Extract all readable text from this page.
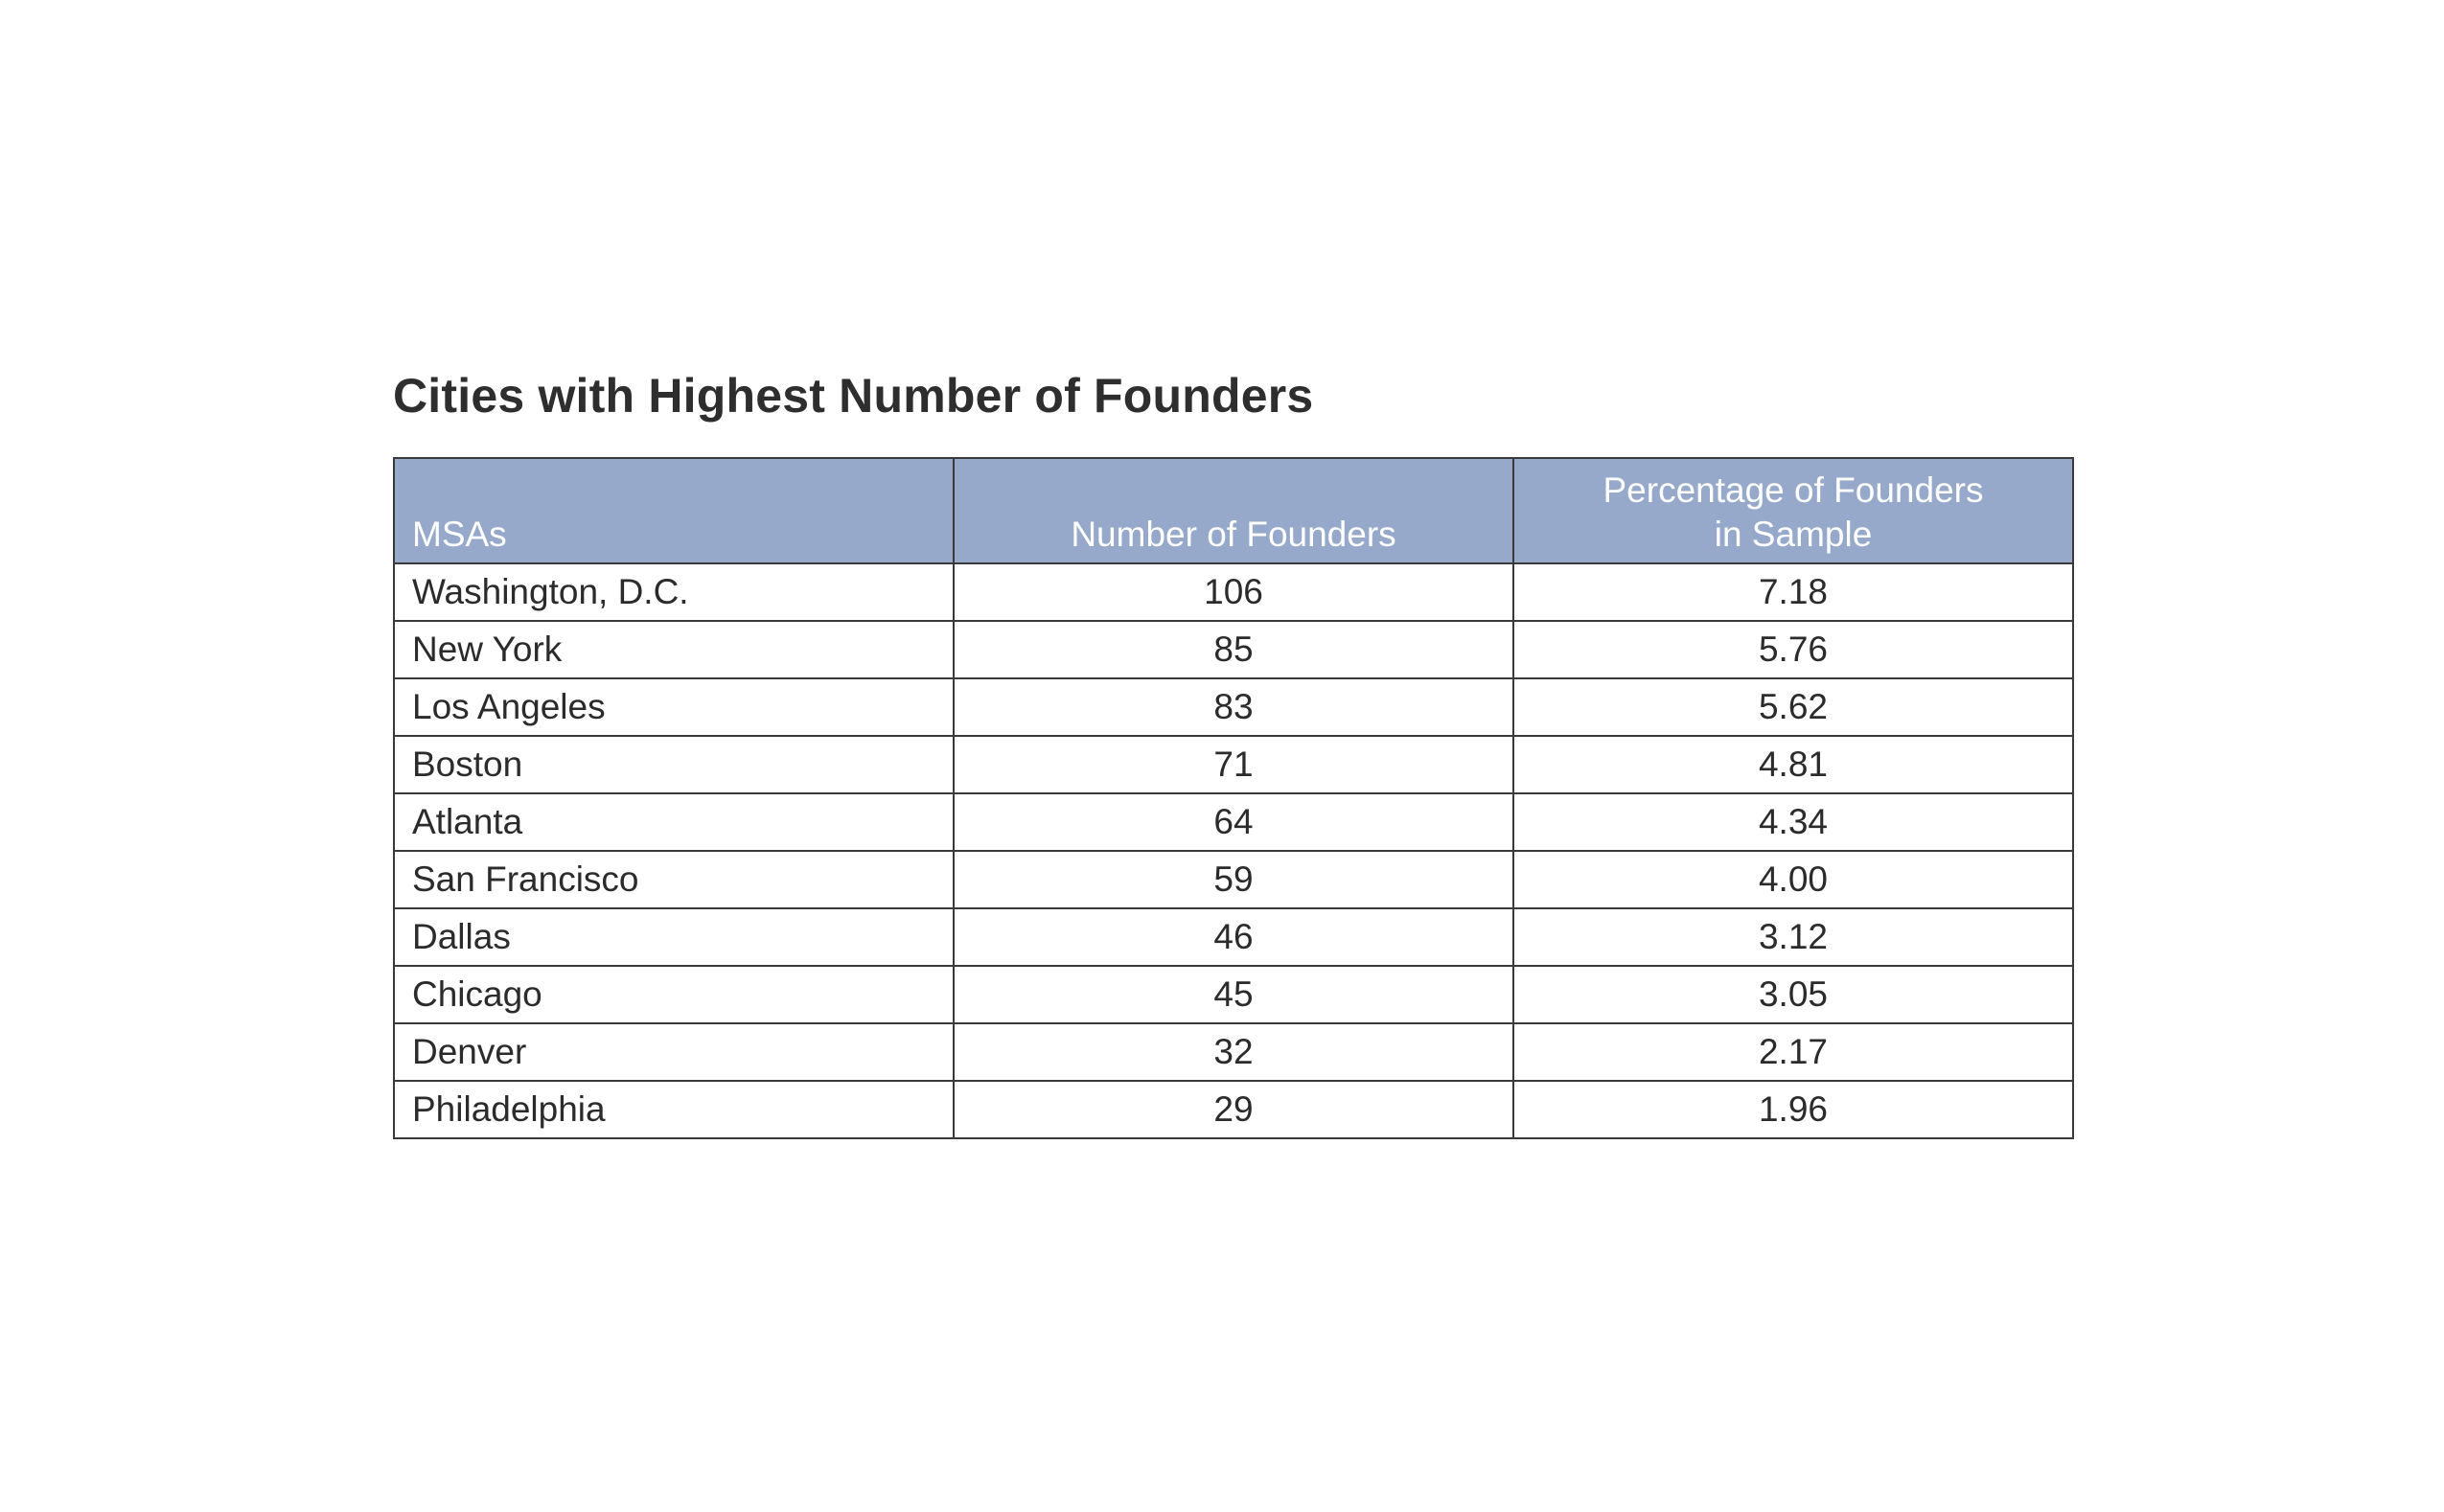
Cities with Highest Number of Founders
MSAs	Number of Founders	Percentage of Founders
in Sample

Washington, D.C.	106	7.18
New York	85	5.76
Los Angeles	83	5.62
Boston	71	4.81
Atlanta	64	4.34
San Francisco	59	4.00
Dallas	46	3.12
Chicago	45	3.05
Denver	32	2.17
Philadelphia	29	1.96
